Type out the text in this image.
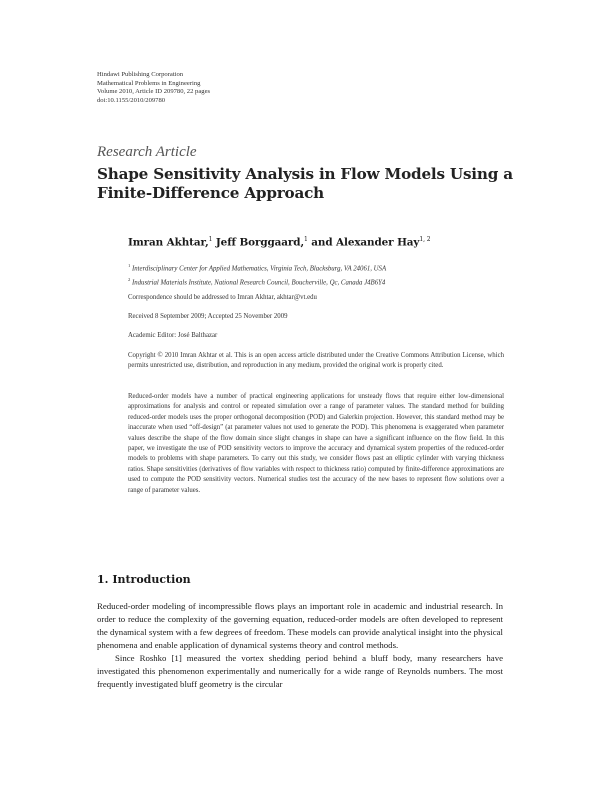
Hindawi Publishing Corporation
Mathematical Problems in Engineering
Volume 2010, Article ID 209780, 22 pages
doi:10.1155/2010/209780
Research Article
Shape Sensitivity Analysis in Flow Models Using a Finite-Difference Approach
Imran Akhtar,$^1$ Jeff Borggaard,$^1$ and Alexander Hay$^{1, 2}$
$^1$ Interdisciplinary Center for Applied Mathematics, Virginia Tech, Blacksburg, VA 24061, USA
$^2$ Industrial Materials Institute, National Research Council, Boucherville, Qc, Canada J4B6Y4
Correspondence should be addressed to Imran Akhtar, akhtar@vt.edu
Received 8 September 2009; Accepted 25 November 2009
Academic Editor: José Balthazar
Copyright © 2010 Imran Akhtar et al. This is an open access article distributed under the Creative Commons Attribution License, which permits unrestricted use, distribution, and reproduction in any medium, provided the original work is properly cited.
Reduced-order models have a number of practical engineering applications for unsteady flows that require either low-dimensional approximations for analysis and control or repeated simulation over a range of parameter values. The standard method for building reduced-order models uses the proper orthogonal decomposition (POD) and Galerkin projection. However, this standard method may be inaccurate when used “off-design” (at parameter values not used to generate the POD). This phenomena is exaggerated when parameter values describe the shape of the flow domain since slight changes in shape can have a significant influence on the flow field. In this paper, we investigate the use of POD sensitivity vectors to improve the accuracy and dynamical system properties of the reduced-order models to problems with shape parameters. To carry out this study, we consider flows past an elliptic cylinder with varying thickness ratios. Shape sensitivities (derivatives of flow variables with respect to thickness ratio) computed by finite-difference approximations are used to compute the POD sensitivity vectors. Numerical studies test the accuracy of the new bases to represent flow solutions over a range of parameter values.
1. Introduction

Reduced-order modeling of incompressible flows plays an important role in academic and industrial research. In order to reduce the complexity of the governing equation, reduced-order models are often developed to represent the dynamical system with a few degrees of freedom. These models can provide analytical insight into the physical phenomena and enable application of dynamical systems theory and control methods.

Since Roshko [1] measured the vortex shedding period behind a bluff body, many researchers have investigated this phenomenon experimentally and numerically for a wide range of Reynolds numbers. The most frequently investigated bluff geometry is the circular
